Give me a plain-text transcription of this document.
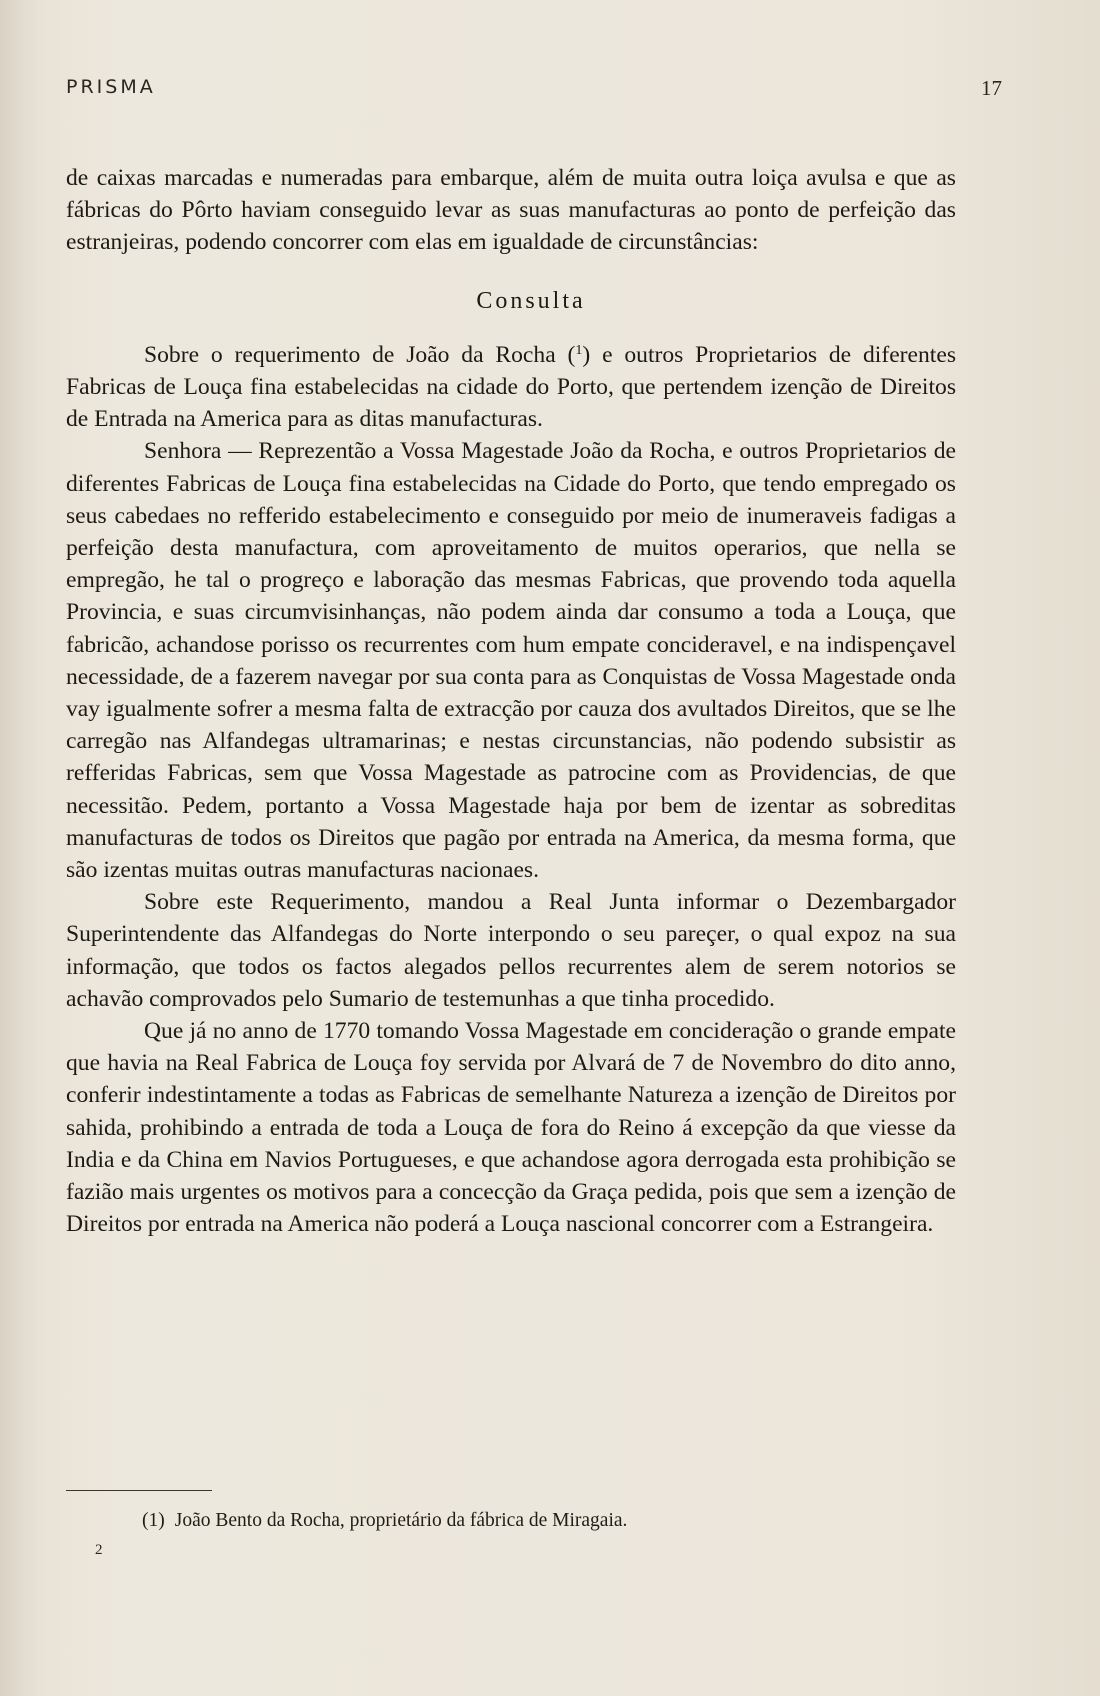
PRISMA	17

de caixas marcadas e numeradas para embarque, além de muita outra loiça avulsa e que as fábricas do Pôrto haviam conseguido levar as suas manufacturas ao ponto de perfeição das estranjeiras, podendo concorrer com elas em igualdade de circunstâncias:

Consulta

Sobre o requerimento de João da Rocha ($^1$) e outros Proprietarios de diferentes Fabricas de Louça fina estabelecidas na cidade do Porto, que pertendem izenção de Direitos de Entrada na America para as ditas manufacturas.

Senhora — Reprezentão a Vossa Magestade João da Rocha, e outros Proprietarios de diferentes Fabricas de Louça fina estabelecidas na Cidade do Porto, que tendo empregado os seus cabedaes no refferido estabelecimento e conseguido por meio de inumeraveis fadigas a perfeição desta manufactura, com aproveitamento de muitos operarios, que nella se empregão, he tal o progreço e laboração das mesmas Fabricas, que provendo toda aquella Provincia, e suas circumvisinhanças, não podem ainda dar consumo a toda a Louça, que fabricão, achandose porisso os recurrentes com hum empate concideravel, e na indispençavel necessidade, de a fazerem navegar por sua conta para as Conquistas de Vossa Magestade onda vay igualmente sofrer a mesma falta de extracção por cauza dos avultados Direitos, que se lhe carregão nas Alfandegas ultramarinas; e nestas circunstancias, não podendo subsistir as refferidas Fabricas, sem que Vossa Magestade as patrocine com as Providencias, de que necessitão. Pedem, portanto a Vossa Magestade haja por bem de izentar as sobreditas manufacturas de todos os Direitos que pagão por entrada na America, da mesma forma, que são izentas muitas outras manufacturas nacionaes.

Sobre este Requerimento, mandou a Real Junta informar o Dezembargador Superintendente das Alfandegas do Norte interpondo o seu pareçer, o qual expoz na sua informação, que todos os factos alegados pellos recurrentes alem de serem notorios se achavão comprovados pelo Sumario de testemunhas a que tinha procedido.

Que já no anno de 1770 tomando Vossa Magestade em concideração o grande empate que havia na Real Fabrica de Louça foy servida por Alvará de 7 de Novembro do dito anno, conferir indestintamente a todas as Fabricas de semelhante Natureza a izenção de Direitos por sahida, prohibindo a entrada de toda a Louça de fora do Reino á excepção da que viesse da India e da China em Navios Portugueses, e que achandose agora derrogada esta prohibição se fazião mais urgentes os motivos para a concecção da Graça pedida, pois que sem a izenção de Direitos por entrada na America não poderá a Louça nascional concorrer com a Estrangeira.

(1) João Bento da Rocha, proprietário da fábrica de Miragaia.
2
